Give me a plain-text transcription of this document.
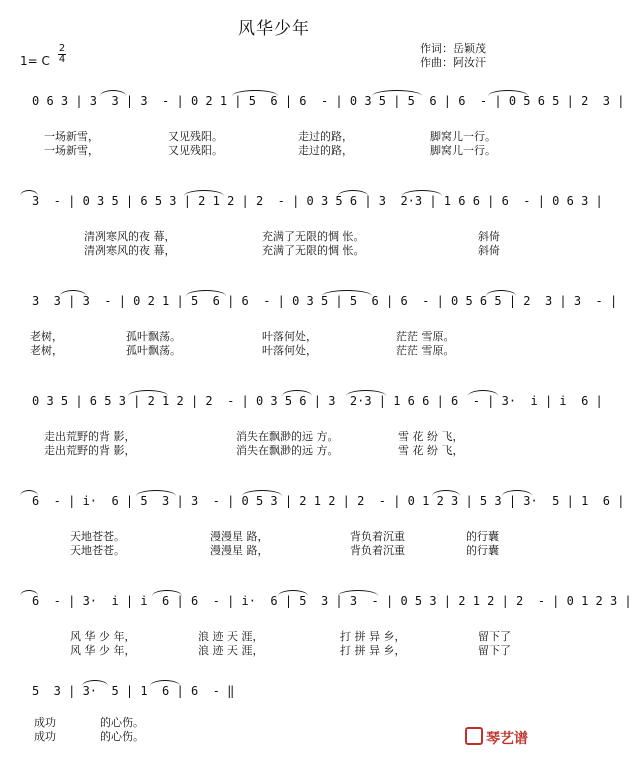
风华少年
1= C
2
4
作词：岳颖茂
作曲：阿汝汗
0 6 3 | 3  3 | 3  - | 0 2 1 | 5  6 | 6  - | 0 3 5 | 5  6 | 6  - | 0 5 6 5 | 2  3 |
一场新雪，	又见残阳。	走过的路，	脚窝儿一行。
一场新雪，	又见残阳。	走过的路，	脚窝儿一行。
3  - | 0 3 5 | 6 5 3 | 2 1 2 | 2  - | 0 3 5 6 | 3  2·3 | 1 6 6 | 6  - | 0 6 3 |
清冽寒风的夜 幕，	充满了无限的惆 怅。	斜倚
清冽寒风的夜 幕，	充满了无限的惆 怅。	斜倚
3  3 | 3  - | 0 2 1 | 5  6 | 6  - | 0 3 5 | 5  6 | 6  - | 0 5 6 5 | 2  3 | 3  - |
老树，	孤叶飘荡。	叶落何处，	茫茫 雪原。
老树，	孤叶飘荡。	叶落何处，	茫茫 雪原。
0 3 5 | 6 5 3 | 2 1 2 | 2  - | 0 3 5 6 | 3  2·3 | 1 6 6 | 6  - | 3·  i | i  6 |
走出荒野的背 影，	消失在飘渺的远 方。	雪 花 纷 飞，
走出荒野的背 影，	消失在飘渺的远 方。	雪 花 纷 飞，
6  - | i·  6 | 5  3 | 3  - | 0 5 3 | 2 1 2 | 2  - | 0 1 2 3 | 5 3 | 3·  5 | 1  6 |
天地苍苍。	漫漫星 路，	背负着沉重	的行囊
天地苍苍。	漫漫星 路，	背负着沉重	的行囊
6  - | 3·  i | i  6 | 6  - | i·  6 | 5  3 | 3  - | 0 5 3 | 2 1 2 | 2  - | 0 1 2 3 |
风 华 少 年，	浪 迹 天 涯，	打 拼 异 乡，	留下了
风 华 少 年，	浪 迹 天 涯，	打 拼 异 乡，	留下了
5  3 | 3·  5 | 1  6 | 6  - ‖
成功	的心伤。
成功	的心伤。	琴艺谱
